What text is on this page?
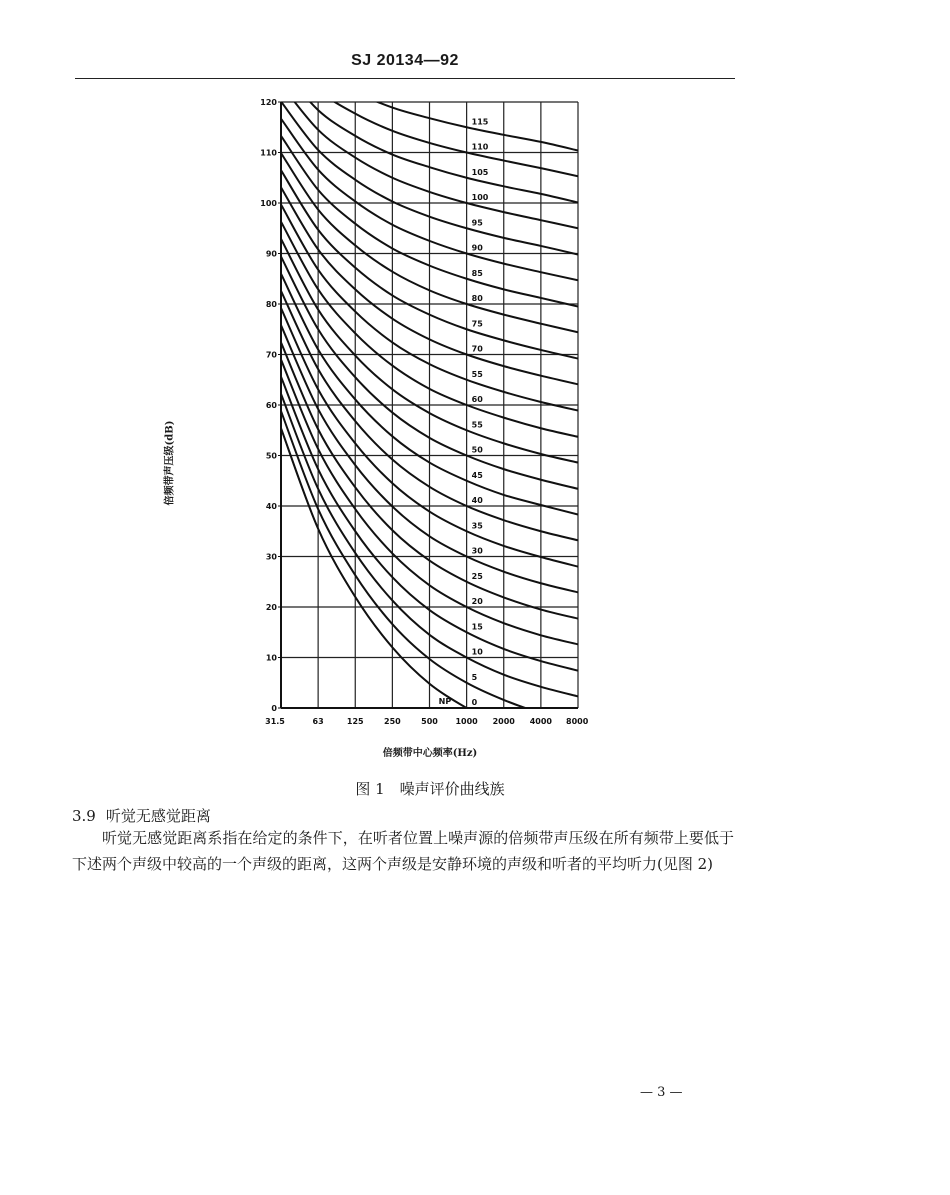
SJ 20134—92
0
10
20
30
40
50
60
70
80
90
100
110
120
31.5	63	125	250	500 1000 2000 4000 8000
NP	0
5
10
15
20
25
30
35
40
45
50
55
60
55
70
75
80
85
90
95
100
105
110
115
倍频带声压级(dB)
倍频带中心频率(Hz)
图 1　噪声评价曲线族
3.9 听觉无感觉距离
听觉无感觉距离系指在给定的条件下，在听者位置上噪声源的倍频带声压级在所有频带上要低于下述两个声级中较高的一个声级的距离，这两个声级是安静环境的声级和听者的平均听力(见图 2)
— 3 —
